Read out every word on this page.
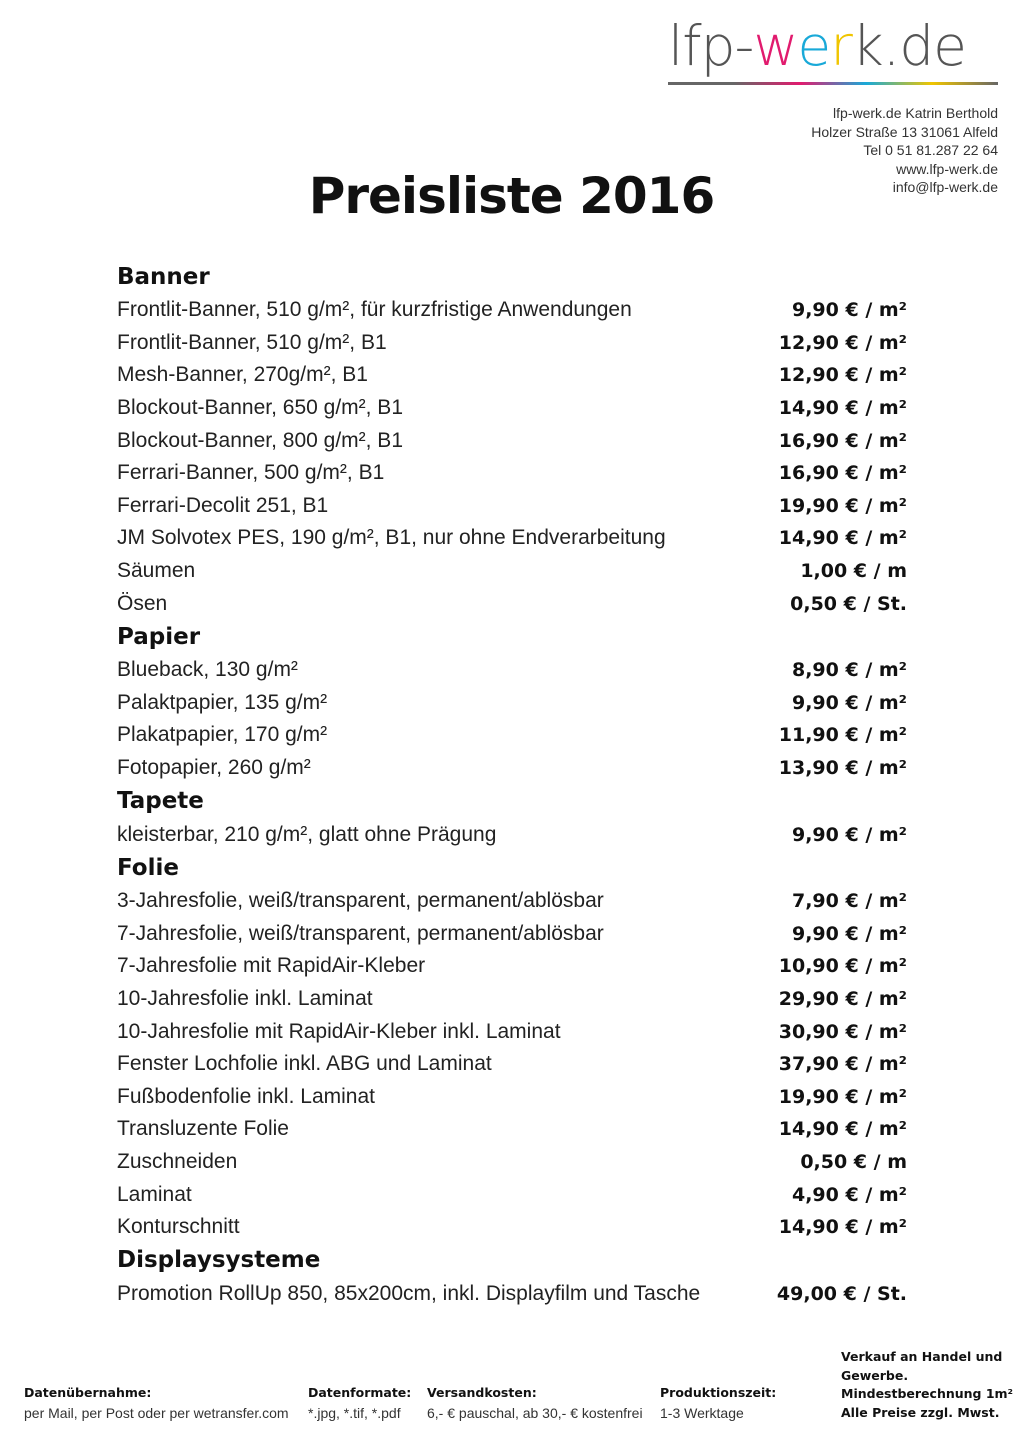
lfp-werk.de
lfp-werk.de Katrin Berthold
Holzer Straße 13 31061 Alfeld
Tel 0 51 81.287 22 64
www.lfp-werk.de
info@lfp-werk.de
Preisliste 2016
Banner
Frontlit-Banner, 510 g/m², für kurzfristige Anwendungen	9,90 € / m²
Frontlit-Banner, 510 g/m², B1	12,90 € / m²
Mesh-Banner, 270g/m², B1	12,90 € / m²
Blockout-Banner, 650 g/m², B1	14,90 € / m²
Blockout-Banner, 800 g/m², B1	16,90 € / m²
Ferrari-Banner, 500 g/m², B1	16,90 € / m²
Ferrari-Decolit 251, B1	19,90 € / m²
JM Solvotex PES, 190 g/m², B1, nur ohne Endverarbeitung	14,90 € / m²
Säumen	1,00 € / m
Ösen	0,50 € / St.
Papier
Blueback, 130 g/m²	8,90 € / m²
Palaktpapier, 135 g/m²	9,90 € / m²
Plakatpapier, 170 g/m²	11,90 € / m²
Fotopapier, 260 g/m²	13,90 € / m²
Tapete
kleisterbar, 210 g/m², glatt ohne Prägung	9,90 € / m²
Folie
3-Jahresfolie, weiß/transparent, permanent/ablösbar	7,90 € / m²
7-Jahresfolie, weiß/transparent, permanent/ablösbar	9,90 € / m²
7-Jahresfolie mit RapidAir-Kleber	10,90 € / m²
10-Jahresfolie inkl. Laminat	29,90 € / m²
10-Jahresfolie mit RapidAir-Kleber inkl. Laminat	30,90 € / m²
Fenster Lochfolie inkl. ABG und Laminat	37,90 € / m²
Fußbodenfolie inkl. Laminat	19,90 € / m²
Transluzente Folie	14,90 € / m²
Zuschneiden	0,50 € / m
Laminat	4,90 € / m²
Konturschnitt	14,90 € / m²
Displaysysteme
Promotion RollUp 850, 85x200cm, inkl. Displayfilm und Tasche	49,00 € / St.
Datenübernahme:
per Mail, per Post oder per wetransfer.com
Datenformate:
*.jpg, *.tif, *.pdf
Versandkosten:
6,- € pauschal, ab 30,- € kostenfrei
Produktionszeit:
1-3 Werktage
Verkauf an Handel und
Gewerbe.
Mindestberechnung 1m²
Alle Preise zzgl. Mwst.
